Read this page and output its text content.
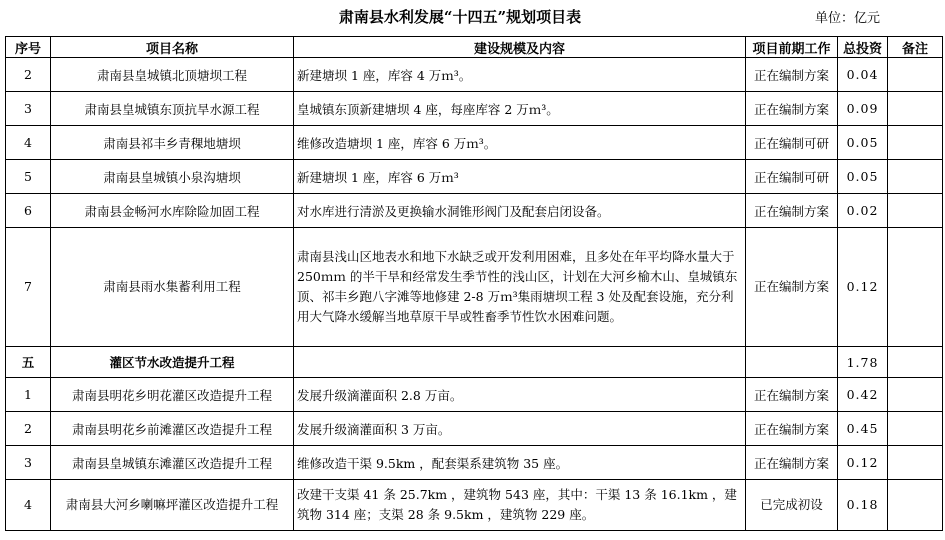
肃南县水利发展“十四五”规划项目表	单位：亿元
序号	项目名称	建设规模及内容	项目前期工作	总投资	备注
2	肃南县皇城镇北顶塘坝工程	新建塘坝 1 座，库容 4 万ｍ³。	正在编制方案	0.04	
3	肃南县皇城镇东顶抗旱水源工程	皇城镇东顶新建塘坝 4 座，每座库容 2 万ｍ³。	正在编制方案	0.09	
4	肃南县祁丰乡青稞地塘坝	维修改造塘坝 1 座，库容 6 万ｍ³。	正在编制可研	0.05	
5	肃南县皇城镇小泉沟塘坝	新建塘坝 1 座，库容 6 万ｍ³	正在编制可研	0.05	
6	肃南县金畅河水库除险加固工程	对水库进行清淤及更换输水洞锥形阀门及配套启闭设备。	正在编制方案	0.02	
7	肃南县雨水集蓄利用工程	肃南县浅山区地表水和地下水缺乏或开发利用困难，且多处在年平均降水量大于 250ｍｍ 的半干旱和经常发生季节性的浅山区，计划在大河乡榆木山、皇城镇东顶、祁丰乡跑八字滩等地修建 2-8 万ｍ³集雨塘坝工程 3 处及配套设施，充分利用大气降水缓解当地草原干旱或牲畜季节性饮水困难问题。	正在编制方案	0.12	
五	灌区节水改造提升工程			1.78	
1	肃南县明花乡明花灌区改造提升工程	发展升级滴灌面积 2.8 万亩。	正在编制方案	0.42	
2	肃南县明花乡前滩灌区改造提升工程	发展升级滴灌面积 3 万亩。	正在编制方案	0.45	
3	肃南县皇城镇东滩灌区改造提升工程	维修改造干渠 9.5km ，配套渠系建筑物 35 座。	正在编制方案	0.12	
4	肃南县大河乡喇嘛坪灌区改造提升工程	改建干支渠 41 条 25.7km ，建筑物 543 座，其中：干渠 13 条 16.1km ，建筑物 314 座；支渠 28 条 9.5km ，建筑物 229 座。	已完成初设	0.18	
